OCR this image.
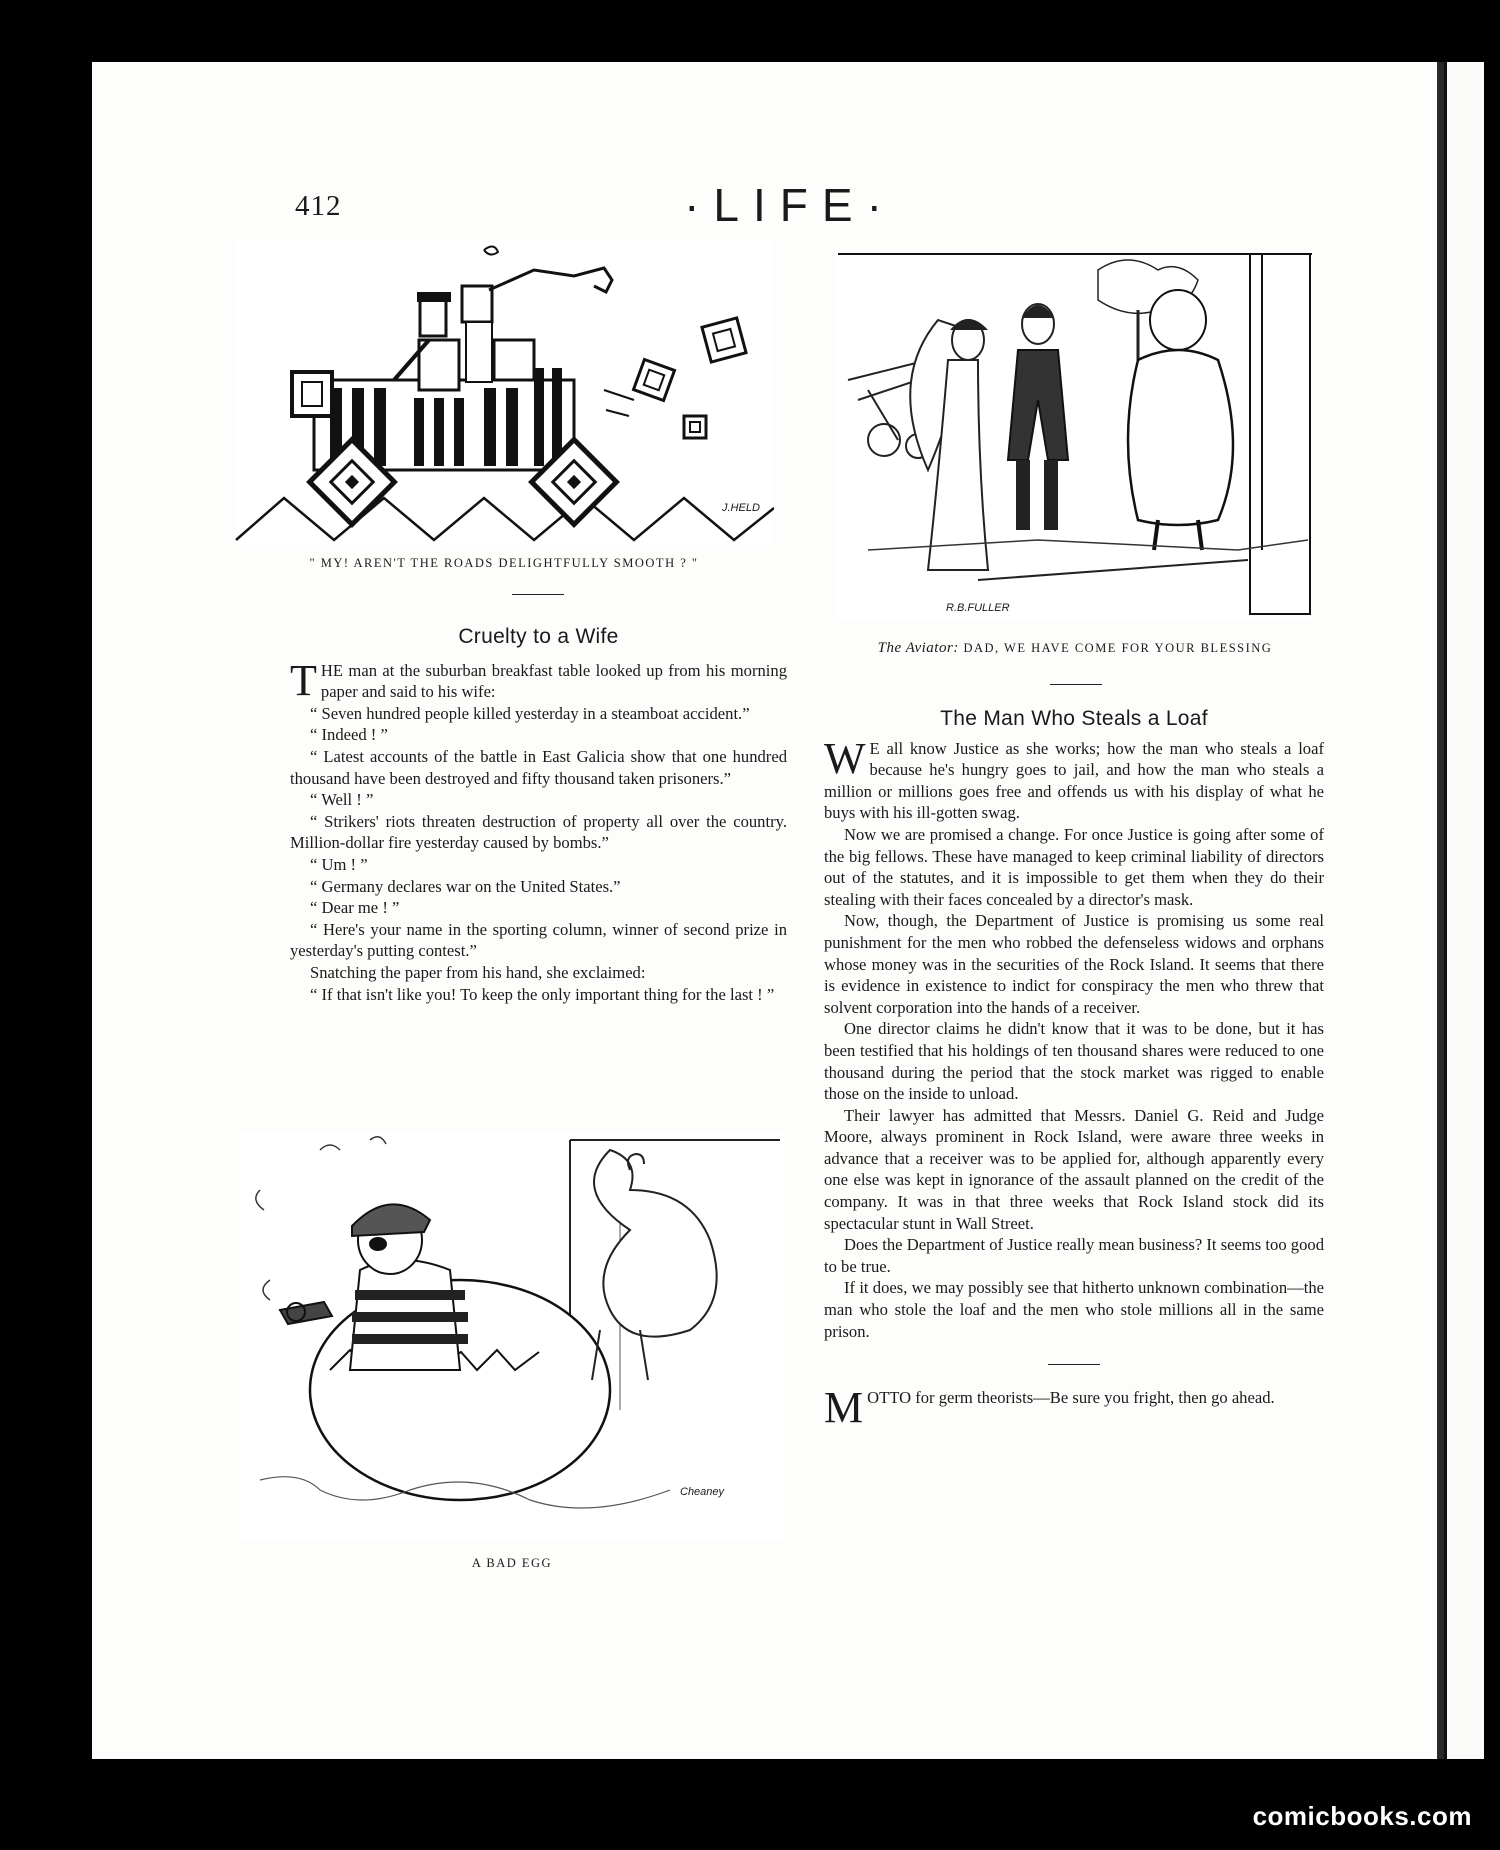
412	·LIFE·
J.HELD
" MY! AREN'T THE ROADS DELIGHTFULLY SMOOTH ? "
R.B.FULLER
The Aviator: DAD, WE HAVE COME FOR YOUR BLESSING
Cruelty to a Wife

THE man at the suburban breakfast table looked up from his morning paper and said to his wife:

“ Seven hundred people killed yesterday in a steamboat accident.”

“ Indeed ! ”

“ Latest accounts of the battle in East Galicia show that one hundred thousand have been destroyed and fifty thousand taken prisoners.”

“ Well ! ”

“ Strikers' riots threaten destruction of property all over the country. Million-dollar fire yesterday caused by bombs.”

“ Um ! ”

“ Germany declares war on the United States.”

“ Dear me ! ”

“ Here's your name in the sporting column, winner of second prize in yesterday's putting contest.”

Snatching the paper from his hand, she exclaimed:

“ If that isn't like you! To keep the only important thing for the last ! ”

Cheaney
A BAD EGG
The Man Who Steals a Loaf

W E all know Justice as she works; how the man who steals a loaf because he's hungry goes to jail, and how the man who steals a million or millions goes free and offends us with his display of what he buys with his ill-gotten swag.

Now we are promised a change. For once Justice is going after some of the big fellows. These have managed to keep criminal liability of directors out of the statutes, and it is impossible to get them when they do their stealing with their faces concealed by a director's mask.

Now, though, the Department of Justice is promising us some real punishment for the men who robbed the defenseless widows and orphans whose money was in the securities of the Rock Island. It seems that there is evidence in existence to indict for conspiracy the men who threw that solvent corporation into the hands of a receiver.

One director claims he didn't know that it was to be done, but it has been testified that his holdings of ten thousand shares were reduced to one thousand during the period that the stock market was rigged to enable those on the inside to unload.

Their lawyer has admitted that Messrs. Daniel G. Reid and Judge Moore, always prominent in Rock Island, were aware three weeks in advance that a receiver was to be applied for, although apparently every one else was kept in ignorance of the assault planned on the credit of the company. It was in that three weeks that Rock Island stock did its spectacular stunt in Wall Street.

Does the Department of Justice really mean business? It seems too good to be true.

If it does, we may possibly see that hitherto unknown combination—the man who stole the loaf and the men who stole millions all in the same prison.

MOTTO for germ theorists—Be sure you fright, then go ahead.

comicbooks.com
